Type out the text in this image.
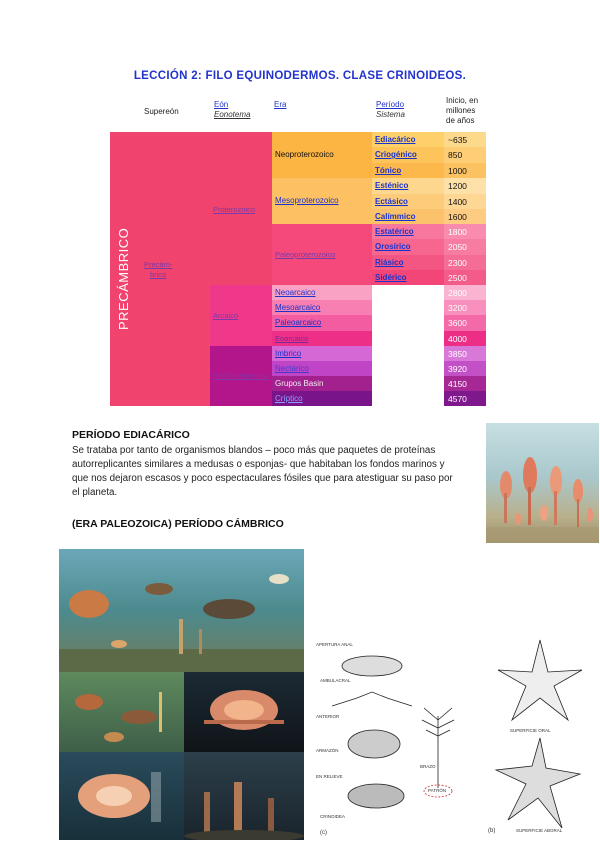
LECCIÓN 2: FILO EQUINODERMOS. CLASE CRINOIDEOS.
Supereón
Eón
Eonotema
Era	Período
Sistema
Inicio, en
millones
de años
PRECÁMBRICO Precám-
brico
Proterozoico
Arcaico
Hádico/Hadeano
Neoproterozoico
Mesoproterozoico
Paleoproterozoico
Neoarcaico
Mesoarcaico
Paleoarcaico
Eoarcaico
Imbrico
Nectárico
Grupos Basin
Críptico
Ediacárico
Criogénico
Tónico
Esténico
Ectásico
Calímmico
Estatérico
Orosírico
Riásico
Sidérico
~635
850
1000
1200
1400
1600
1800
2050
2300
2500
2800
3200
3600
4000
3850
3920
4150
4570
PERÍODO EDIACÁRICO
Se trataba por tanto de organismos blandos – poco más que paquetes de proteínas autorreplicantes similares a medusas o esponjas- que habitaban los fondos marinos y que nos dejaron escasos y poco espectaculares fósiles que para atestiguar su paso por el planeta.
(ERA PALEOZOICA) PERÍODO CÁMBRICO
APERTURA ANAL
AMBULACRAL
ANTERIOR
ARMAZÓN
EN RELIEVE
CRINOIDEA
BRAZO
PATRÓN
SUPERFICIE ORAL
SUPERFICIE ABORAL
(b)
(c)
